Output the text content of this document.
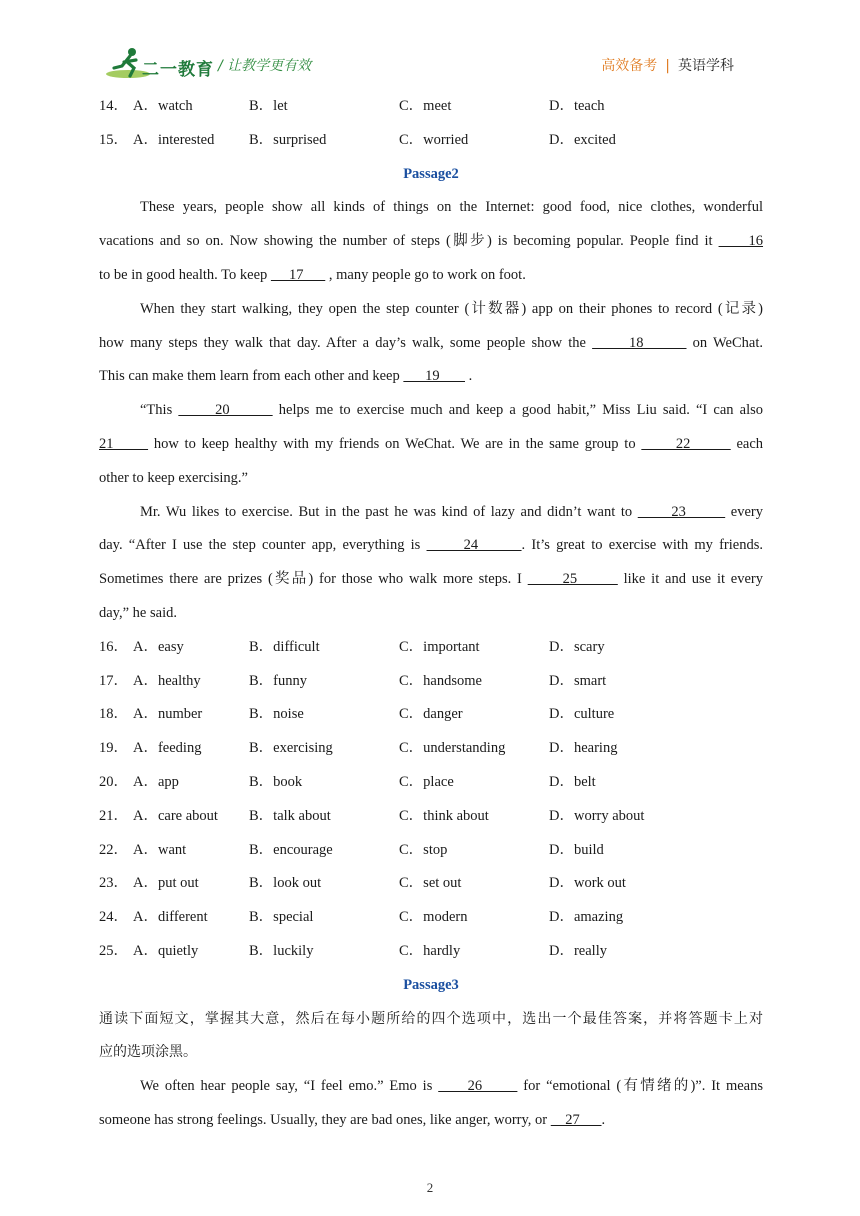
二一教育 / 让教学更有效	高效备考 | 英语学科
14． A．watch	B．let	C．meet	D．teach
15． A．interested	B．surprised	C．worried	D．excited
Passage2
These years, people show all kinds of things on the Internet: good food, nice clothes, wonderful
vacations and so on. Now showing the number of steps (脚步) is becoming popular. People find it      16
to be in good health. To keep      17       , many people go to work on foot.
When they start walking, they open the step counter (计数器) app on their phones to record (记录)
how many steps they walk that day. After a day’s walk, some people show the       18        on WeChat.
This can make them learn from each other and keep       19        .
“This       20        helps me to exercise much and keep a good habit,” Miss Liu said. “I can also
21       how to keep healthy with my friends on WeChat. We are in the same group to       22        each
other to keep exercising.”
Mr. Wu likes to exercise. But in the past he was kind of lazy and didn’t want to       23        every
day. “After I use the step counter app, everything is       24       . It’s great to exercise with my friends.
Sometimes there are prizes (奖品) for those who walk more steps. I       25        like it and use it every
day,” he said.
16． A．easy	B．difficult	C．important	D．scary
17． A．healthy	B．funny	C．handsome	D．smart
18． A．number	B．noise	C．danger	D．culture
19． A．feeding	B．exercising	C．understanding	D．hearing
20． A．app	B．book	C．place	D．belt
21． A．care about	B．talk about	C．think about	D．worry about
22． A．want	B．encourage	C．stop	D．build
23． A．put out	B．look out	C．set out	D．work out
24． A．different	B．special	C．modern	D．amazing
25． A．quietly	B．luckily	C．hardly	D．really
Passage3
通读下面短文，掌握其大意，然后在每小题所给的四个选项中，选出一个最佳答案，并将答题卡上对
应的选项涂黑。
We often hear people say, “I feel emo.” Emo is      26       for “emotional (有情绪的)”. It means
someone has strong feelings. Usually, they are bad ones, like anger, worry, or     27      .
2
